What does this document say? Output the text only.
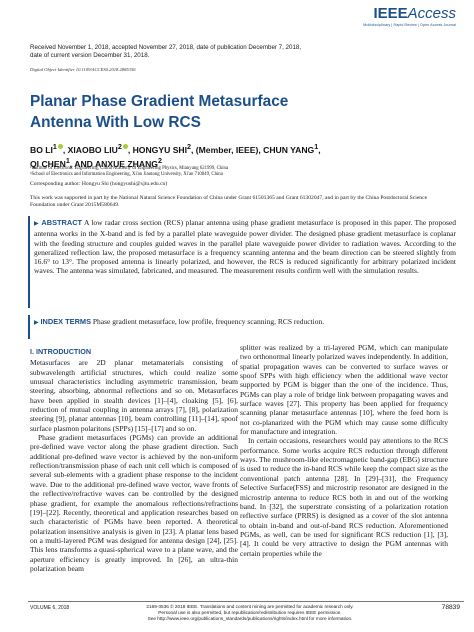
IEEEAccess
Multidisciplinary | Rapid Review | Open Access Journal
Received November 1, 2018, accepted November 27, 2018, date of publication December 7, 2018,
date of current version December 31, 2018.
Digital Object Identifier 10.1109/ACCESS.2018.2885356
Planar Phase Gradient Metasurface
Antenna With Low RCS
BO $LI^1$ , XIAOBO LIU$^2$ , HONGYU SHI$^2$, (Member, IEEE), CHUN YANG$^1$,
QI CHEN$^1$, AND ANXUE ZHANG$^2$
¹Institute of Electronic Engineering, China Academy of Engineering Physics, Mianyang 621999, China
²School of Electronics and Information Engineering, Xi'an Jiaotong University, Xi'an 710049, China
Corresponding author: Hongyu Shi (hongyushi@xjtu.edu.cn)
This work was supported in part by the National Natural Science Foundation of China under Grant 61501365 and Grant 61302047, and in part by the China Postdoctoral Science Foundation under Grant 2015M580649.
▶ ABSTRACT A low radar cross section (RCS) planar antenna using phase gradient metasurface is proposed in this paper. The proposed antenna works in the X-band and is fed by a parallel plate waveguide power divider. The designed phase gradient metasurface is coplanar with the feeding structure and couples guided waves in the parallel plate waveguide power divider to radiation waves. According to the generalized reflection law, the proposed metasurface is a frequency scanning antenna and the beam direction can be steered slightly from 16.6° to 13°. The proposed antenna is linearly polarized, and however, the RCS is reduced significantly for arbitrary polarized incident waves. The antenna was simulated, fabricated, and measured. The measurement results confirm well with the simulation results.
▶ INDEX TERMS Phase gradient metasurface, low profile, frequency scanning, RCS reduction.
I. INTRODUCTION

Metasurfaces are 2D planar metamaterials consisting of subwavelength artificial structures, which could realize some unusual characteristics including asymmetric transmission, beam steering, absorbing, abnormal reflections and so on. Metasurfaces have been applied in stealth devices [1]–[4], cloaking [5], [6], reduction of mutual coupling in antenna arrays [7], [8], polarization steering [9], planar antennas [10], beam controlling [11]–[14], spoof surface plasmon polaritons (SPPs) [15]–[17] and so on.

Phase gradient metasurfaces (PGMs) can provide an additional pre-defined wave vector along the phase gradient direction. Such additional pre-defined wave vector is achieved by the non-uniform reflection/transmission phase of each unit cell which is composed of several sub-elements with a gradient phase response to the incident wave. Due to the additional pre-defined wave vector, wave fronts of the reflective/refractive waves can be controlled by the designed phase gradient, for example the anomalous reflections/refractions [19]–[22]. Recently, theoretical and application researches based on such characteristic of PGMs have been reported. A theoretical polarization insensitive analysis is given in [23]. A planar lens based on a multi-layered PGM was designed for antenna design [24], [25]. This lens transforms a quasi-spherical wave to a plane wave, and the aperture efficiency is greatly improved. In [26], an ultra-thin polarization beam

splitter was realized by a tri-layered PGM, which can manipulate two orthonormal linearly polarized waves independently. In addition, spatial propagation waves can be converted to surface waves or spoof SPPs with high efficiency when the additional wave vector supported by PGM is bigger than the one of the incidence. Thus, PGMs can play a role of bridge link between propagating waves and surface waves [27]. This property has been applied for frequency scanning planar metasurface antennas [10], where the feed horn is not co-planarized with the PGM which may cause some difficulty for manufacture and integration.

In certain occasions, researchers would pay attentions to the RCS performance. Some works acquire RCS reduction through different ways. The mushroom-like electromagnetic band-gap (EBG) structure is used to reduce the in-band RCS while keep the compact size as the conventional patch antenna [28]. In [29]–[31], the Frequency Selective Surface(FSS) and microstrip resonator are designed in the microstrip antenna to reduce RCS both in and out of the working band. In [32], the superstrate consisting of a polarization rotation reflective surface (PRRS) is designed as a cover of the slot antenna to obtain in-band and out-of-band RCS reduction. Aforementioned PGMs, as well, can be used for significant RCS reduction [1], [3], [4]. It could be very attractive to design the PGM antennas with certain properties while the

VOLUME 6, 2018	2169-3536 © 2018 IEEE. Translations and content mining are permitted for academic research only.
Personal use is also permitted, but republication/redistribution requires IEEE permission.
See http://www.ieee.org/publications_standards/publications/rights/index.html for more information.
78839
